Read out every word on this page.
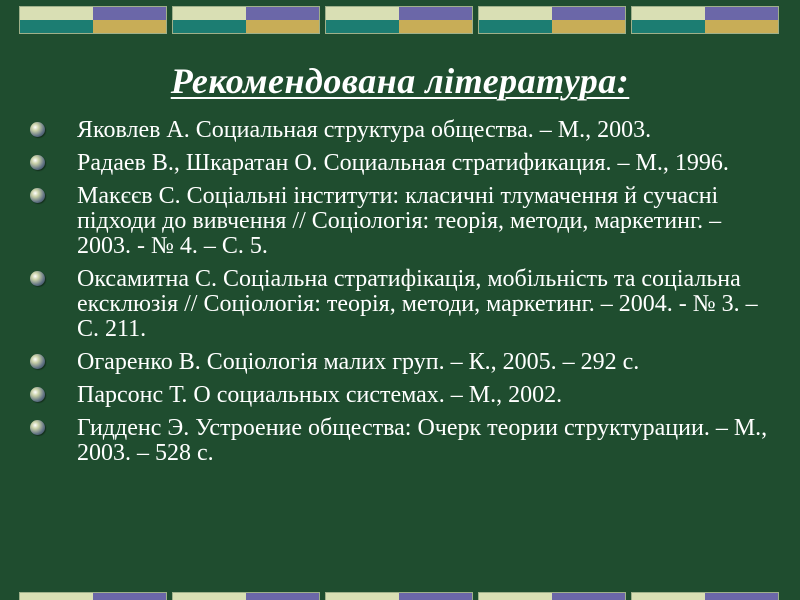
Рекомендована література:
Яковлев А. Социальная структура общества. – М., 2003.
Радаев В., Шкаратан О. Социальная стратификация. – М., 1996.
Макєєв С. Соціальні інститути: класичні тлумачення й сучасні підходи до вивчення // Соціологія: теорія, методи, маркетинг. – 2003. - № 4. – С. 5.
Оксамитна С. Соціальна стратифікація, мобільність та соціальна ексклюзія // Соціологія: теорія, методи, маркетинг. – 2004. - № 3. – С. 211.
Огаренко В. Соціологія малих груп. – К., 2005. – 292 с.
Парсонс Т. О социальных системах. – М., 2002.
Гидденс Э. Устроение общества: Очерк теории структурации. – М., 2003. – 528 с.
